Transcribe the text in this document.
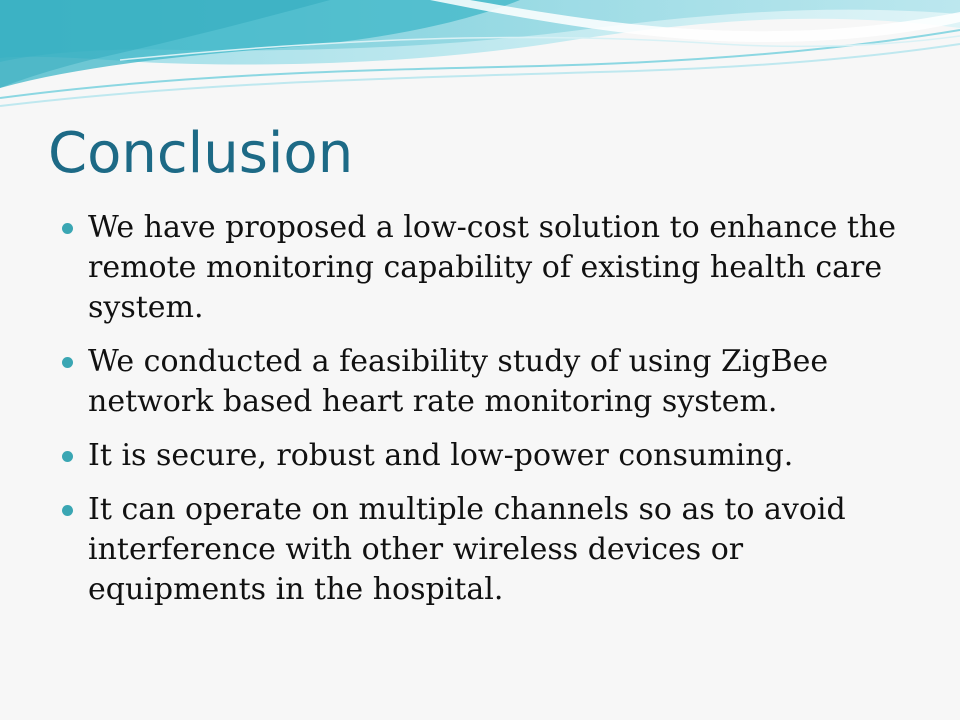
Conclusion
We have proposed a low-cost solution to enhance the remote monitoring capability of existing health care system.
We conducted a feasibility study of using ZigBee network based heart rate monitoring system.
It is secure, robust and low-power consuming.
It can operate on multiple channels so as to avoid interference with other wireless devices or equipments in the hospital.
